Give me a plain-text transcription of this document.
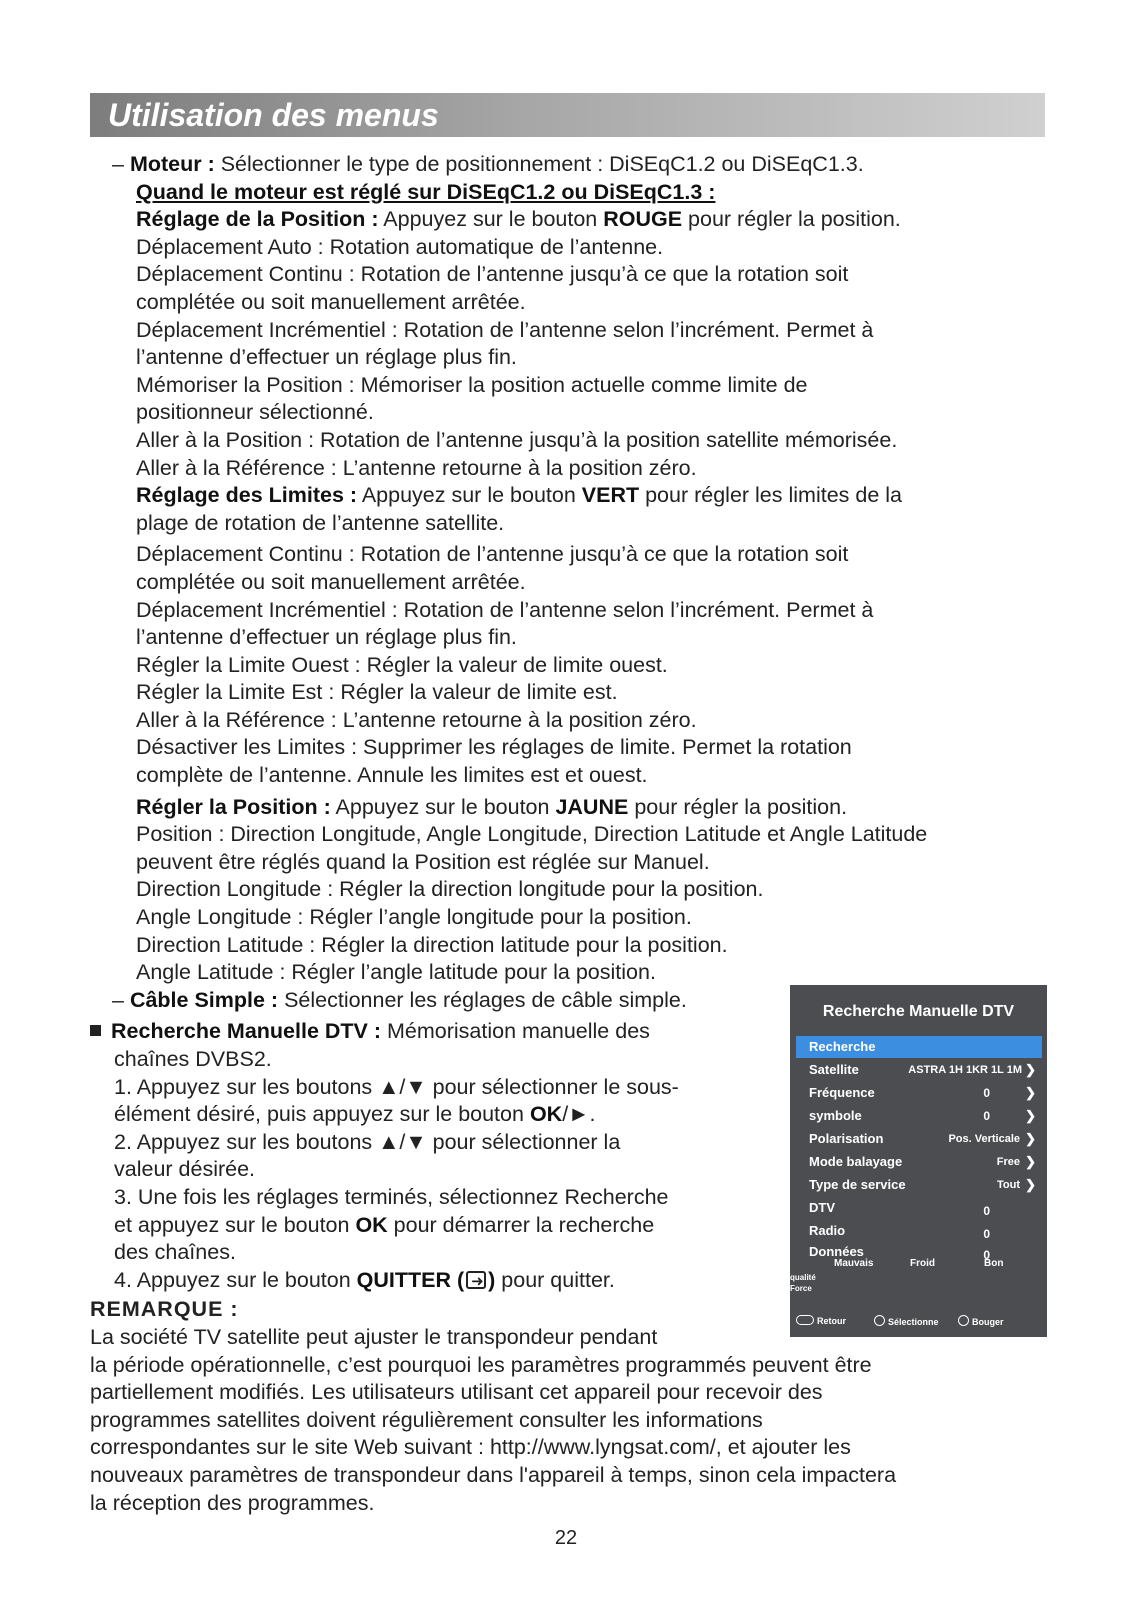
Utilisation des menus
– Moteur : Sélectionner le type de positionnement : DiSEqC1.2 ou DiSEqC1.3.
Quand le moteur est réglé sur DiSEqC1.2 ou DiSEqC1.3 :
Réglage de la Position : Appuyez sur le bouton ROUGE pour régler la position.
Déplacement Auto : Rotation automatique de l’antenne.
Déplacement Continu : Rotation de l’antenne jusqu’à ce que la rotation soit
complétée ou soit manuellement arrêtée.
Déplacement Incrémentiel : Rotation de l’antenne selon l’incrément. Permet à
l’antenne d’effectuer un réglage plus fin.
Mémoriser la Position : Mémoriser la position actuelle comme limite de
positionneur sélectionné.
Aller à la Position : Rotation de l’antenne jusqu’à la position satellite mémorisée.
Aller à la Référence : L’antenne retourne à la position zéro.
Réglage des Limites : Appuyez sur le bouton VERT pour régler les limites de la
plage de rotation de l’antenne satellite.
Déplacement Continu : Rotation de l’antenne jusqu’à ce que la rotation soit
complétée ou soit manuellement arrêtée.
Déplacement Incrémentiel : Rotation de l’antenne selon l’incrément. Permet à
l’antenne d’effectuer un réglage plus fin.
Régler la Limite Ouest : Régler la valeur de limite ouest.
Régler la Limite Est : Régler la valeur de limite est.
Aller à la Référence : L’antenne retourne à la position zéro.
Désactiver les Limites : Supprimer les réglages de limite. Permet la rotation
complète de l’antenne. Annule les limites est et ouest.
Régler la Position : Appuyez sur le bouton JAUNE pour régler la position.
Position : Direction Longitude, Angle Longitude, Direction Latitude et Angle Latitude
peuvent être réglés quand la Position est réglée sur Manuel.
Direction Longitude : Régler la direction longitude pour la position.
Angle Longitude : Régler l’angle longitude pour la position.
Direction Latitude : Régler la direction latitude pour la position.
Angle Latitude : Régler l’angle latitude pour la position.
– Câble Simple : Sélectionner les réglages de câble simple.
Recherche Manuelle DTV : Mémorisation manuelle des
chaînes DVBS2.
1. Appuyez sur les boutons ▲/▼ pour sélectionner le sous-
élément désiré, puis appuyez sur le bouton OK/►.
2. Appuyez sur les boutons ▲/▼ pour sélectionner la
valeur désirée.
3. Une fois les réglages terminés, sélectionnez Recherche
et appuyez sur le bouton OK pour démarrer la recherche
des chaînes.
4. Appuyez sur le bouton QUITTER ( ➜ ) pour quitter.
REMARQUE :
La société TV satellite peut ajuster le transpondeur pendant
la période opérationnelle, c’est pourquoi les paramètres programmés peuvent être
partiellement modifiés. Les utilisateurs utilisant cet appareil pour recevoir des
programmes satellites doivent régulièrement consulter les informations
correspondantes sur le site Web suivant : http://www.lyngsat.com/, et ajouter les
nouveaux paramètres de transpondeur dans l'appareil à temps, sinon cela impactera
la réception des programmes.
Recherche Manuelle DTV
Recherche
Satellite	ASTRA 1H 1KR 1L 1M ❯
Fréquence	0	❯
symbole	0	❯
Polarisation	Pos. Verticale ❯
Mode balayage	Free ❯
Type de service	Tout ❯
DTV	0
Radio	0
Données	0
Mauvais	Froid	Bon
qualité
Force
Retour	Sélectionne	Bouger
22
